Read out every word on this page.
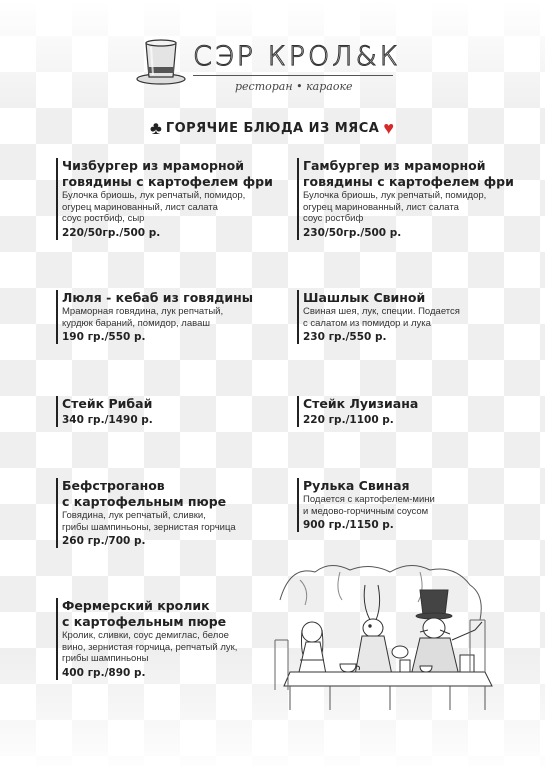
СЭР КРОЛ&К
ресторан • караоке
♣ ГОРЯЧИЕ БЛЮДА ИЗ МЯСА ♥
Чизбургер из мраморной
говядины с картофелем фри
Булочка бриошь, лук репчатый, помидор,
огурец маринованный, лист салата
соус ростбиф, сыр
220/50гр./500 р.
Гамбургер из мраморной
говядины с картофелем фри
Булочка бриошь, лук репчатый, помидор,
огурец маринованный, лист салата
соус ростбиф
230/50гр./500 р.
Люля - кебаб из говядины
Мраморная говядина, лук репчатый,
курдюк бараний, помидор, лаваш
190 гр./550 р.
Шашлык Свиной
Свиная шея, лук, специи. Подается
с салатом из помидор и лука
230 гр./550 р.
Стейк Рибай
340 гр./1490 р.
Стейк Луизиана
220 гр./1100 р.
Бефстроганов
с картофельным пюре
Говядина, лук репчатый, сливки,
грибы шампиньоны, зернистая горчица
260 гр./700 р.
Рулька Свиная
Подается с картофелем-мини
и медово-горчичным соусом
900 гр./1150 р.
Фермерский кролик
с картофельным пюре
Кролик, сливки, соус демиглас, белое
вино, зернистая горчица, репчатый лук,
грибы шампиньоны
400 гр./890 р.
